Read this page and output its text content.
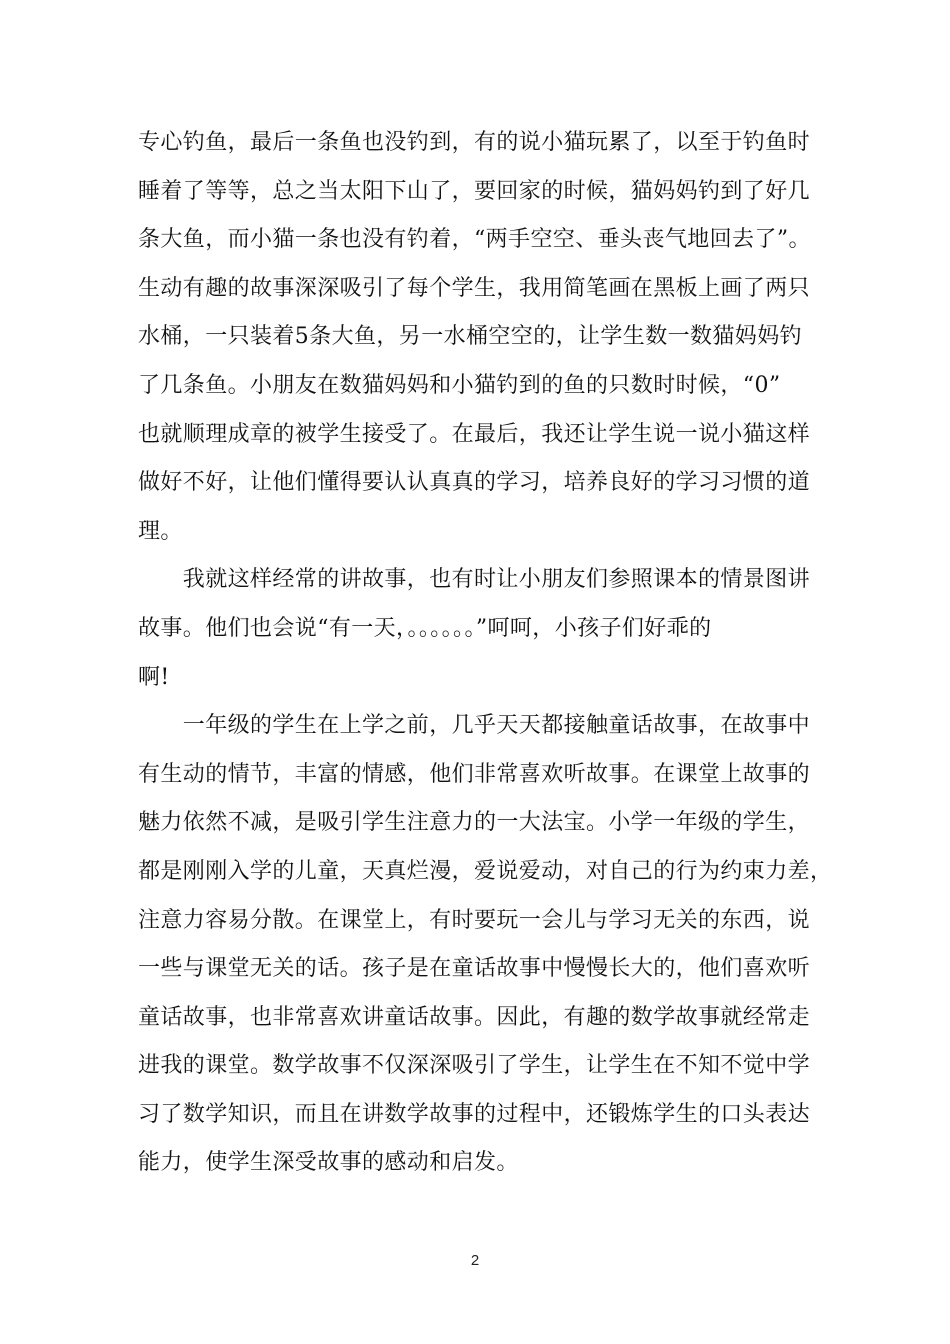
专心钓鱼，最后一条鱼也没钓到，有的说小猫玩累了，以至于钓鱼时
睡着了等等，总之当太阳下山了，要回家的时候，猫妈妈钓到了好几
条大鱼，而小猫一条也没有钓着，“两手空空、垂头丧气地回去了”。
生动有趣的故事深深吸引了每个学生，我用简笔画在黑板上画了两只
水桶，一只装着5条大鱼，另一水桶空空的，让学生数一数猫妈妈钓
了几条鱼。小朋友在数猫妈妈和小猫钓到的鱼的只数时时候，“0”
也就顺理成章的被学生接受了。在最后，我还让学生说一说小猫这样
做好不好，让他们懂得要认认真真的学习，培养良好的学习习惯的道
理。
　　我就这样经常的讲故事，也有时让小朋友们参照课本的情景图讲
故事。他们也会说“有一天，。。。。。。”呵呵，小孩子们好乖的
啊!
　　一年级的学生在上学之前，几乎天天都接触童话故事，在故事中
有生动的情节，丰富的情感，他们非常喜欢听故事。在课堂上故事的
魅力依然不减，是吸引学生注意力的一大法宝。小学一年级的学生，
都是刚刚入学的儿童，天真烂漫，爱说爱动，对自己的行为约束力差，
注意力容易分散。在课堂上，有时要玩一会儿与学习无关的东西，说
一些与课堂无关的话。孩子是在童话故事中慢慢长大的，他们喜欢听
童话故事，也非常喜欢讲童话故事。因此，有趣的数学故事就经常走
进我的课堂。数学故事不仅深深吸引了学生，让学生在不知不觉中学
习了数学知识，而且在讲数学故事的过程中，还锻炼学生的口头表达
能力，使学生深受故事的感动和启发。
2
